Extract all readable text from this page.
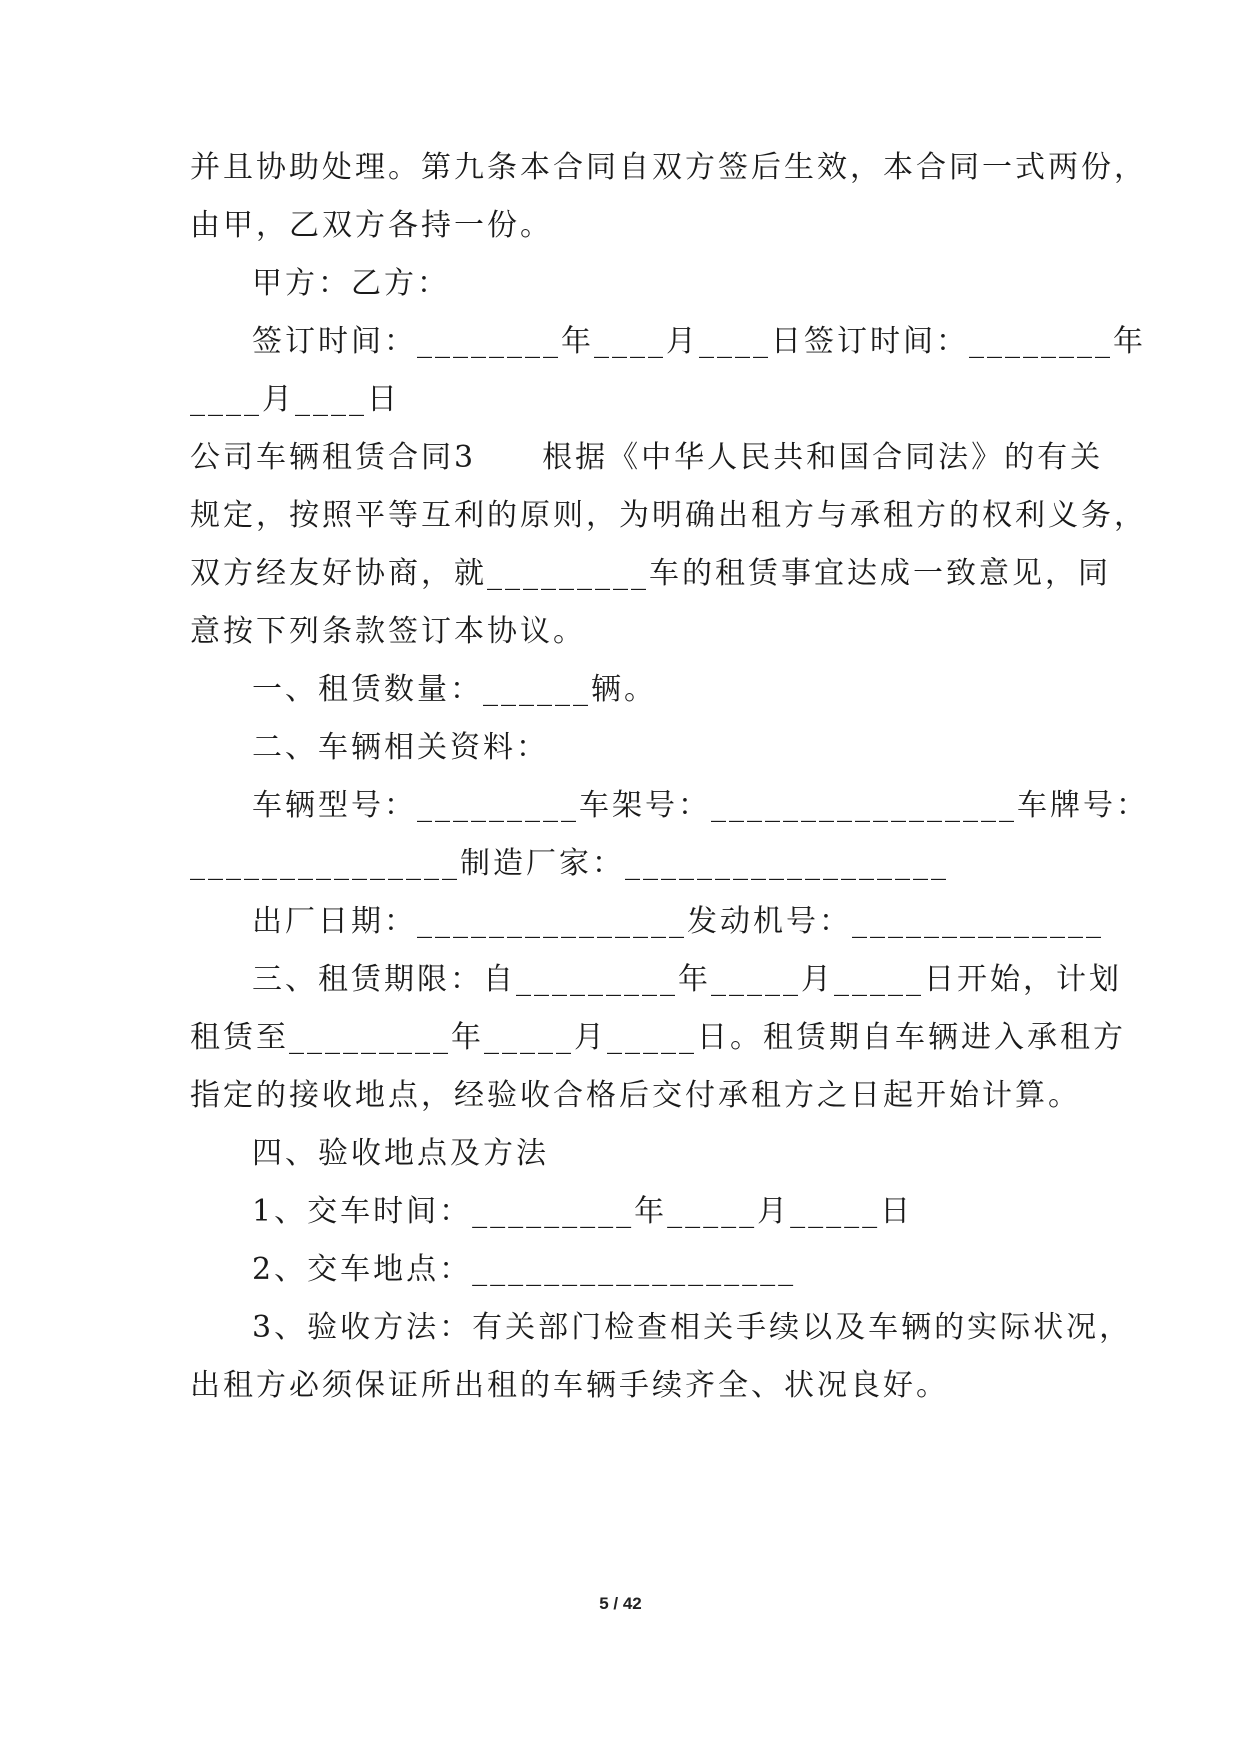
并且协助处理。第九条本合同自双方签后生效，本合同一式两份，
由甲，乙双方各持一份。
甲方：乙方：
签订时间：________年____月____日签订时间：________年
____月____日
公司车辆租赁合同3　　根据《中华人民共和国合同法》的有关
规定，按照平等互利的原则，为明确出租方与承租方的权利义务，
双方经友好协商，就_________车的租赁事宜达成一致意见，同
意按下列条款签订本协议。
一、租赁数量：______辆。
二、车辆相关资料：
车辆型号：_________车架号：_________________车牌号：
_______________制造厂家：__________________
出厂日期：_______________发动机号：______________
三、租赁期限：自_________年_____月_____日开始，计划
租赁至_________年_____月_____日。租赁期自车辆进入承租方
指定的接收地点，经验收合格后交付承租方之日起开始计算。
四、验收地点及方法
1、交车时间：_________年_____月_____日
2、交车地点：__________________
3、验收方法：有关部门检查相关手续以及车辆的实际状况，
出租方必须保证所出租的车辆手续齐全、状况良好。
5 / 42
